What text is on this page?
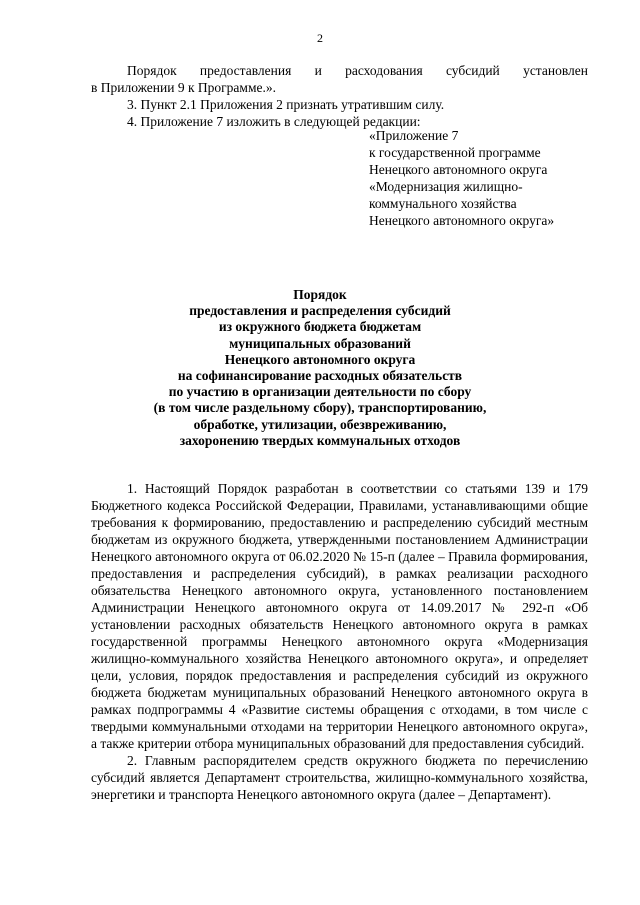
2

Порядок предоставления и расходования субсидий установлен

в Приложении 9 к Программе.».

3. Пункт 2.1 Приложения 2 признать утратившим силу.

4. Приложение 7 изложить в следующей редакции:

«Приложение 7
к государственной программе
Ненецкого автономного округа
«Модернизация жилищно-
коммунального хозяйства
Ненецкого автономного округа»
Порядок
предоставления и распределения субсидий
из окружного бюджета бюджетам
муниципальных образований
Ненецкого автономного округа
на софинансирование расходных обязательств
по участию в организации деятельности по сбору
(в том числе раздельному сбору), транспортированию,
обработке, утилизации, обезвреживанию,
захоронению твердых коммунальных отходов

1. Настоящий Порядок разработан в соответствии со статьями 139 и 179 Бюджетного кодекса Российской Федерации, Правилами, устанавливающими общие требования к формированию, предоставлению и распределению субсидий местным бюджетам из окружного бюджета, утвержденными постановлением Администрации Ненецкого автономного округа от 06.02.2020 № 15-п (далее – Правила формирования, предоставления и распределения субсидий), в рамках реализации расходного обязательства Ненецкого автономного округа, установленного постановлением Администрации Ненецкого автономного округа от 14.09.2017 № 292-п «Об установлении расходных обязательств Ненецкого автономного округа в рамках государственной программы Ненецкого автономного округа «Модернизация жилищно-коммунального хозяйства Ненецкого автономного округа», и определяет цели, условия, порядок предоставления и распределения субсидий из окружного бюджета бюджетам муниципальных образований Ненецкого автономного округа в рамках подпрограммы 4 «Развитие системы обращения с отходами, в том числе с твердыми коммунальными отходами на территории Ненецкого автономного округа», а также критерии отбора муниципальных образований для предоставления субсидий.

2. Главным распорядителем средств окружного бюджета по перечислению субсидий является Департамент строительства, жилищно-коммунального хозяйства, энергетики и транспорта Ненецкого автономного округа (далее – Департамент).
